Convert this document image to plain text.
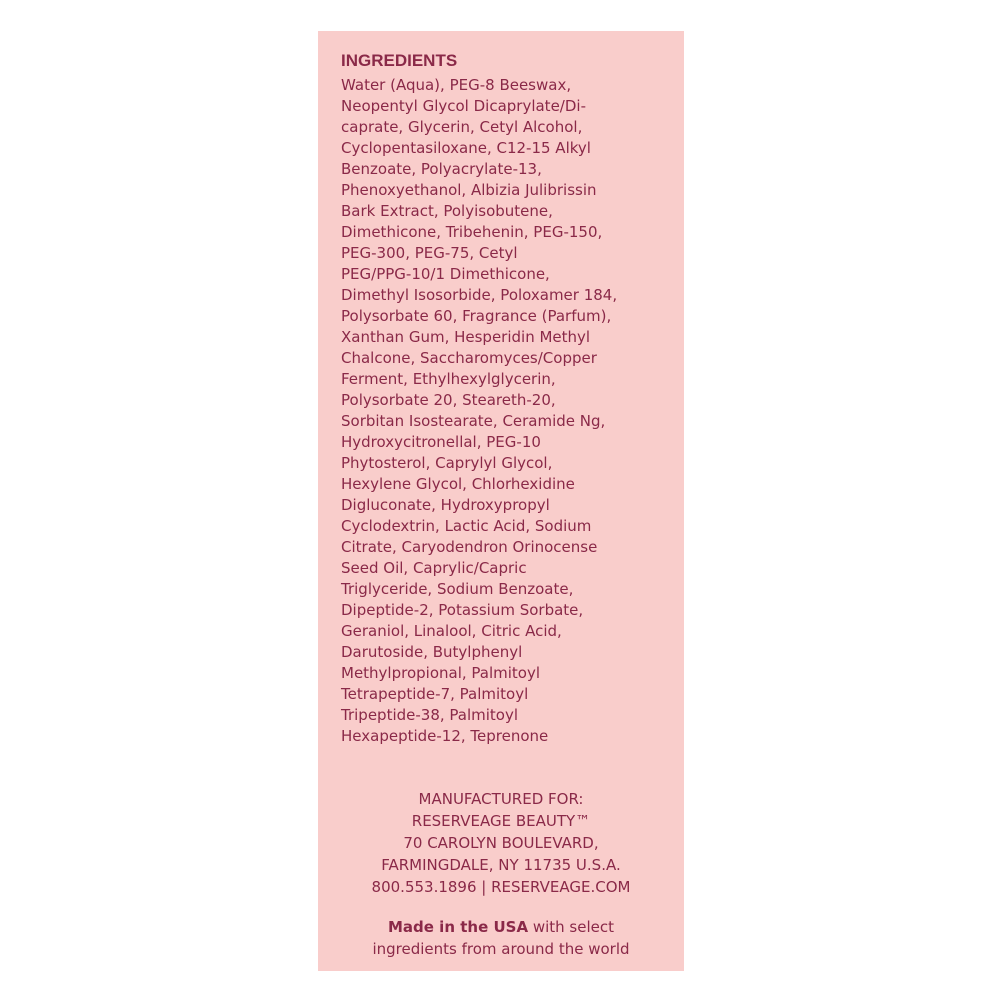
INGREDIENTS

Water (Aqua), PEG-8 Beeswax,
Neopentyl Glycol Dicaprylate/Di-
caprate, Glycerin, Cetyl Alcohol,
Cyclopentasiloxane, C12-15 Alkyl
Benzoate, Polyacrylate-13,
Phenoxyethanol, Albizia Julibrissin
Bark Extract, Polyisobutene,
Dimethicone, Tribehenin, PEG-150,
PEG-300, PEG-75, Cetyl
PEG/PPG-10/1 Dimethicone,
Dimethyl Isosorbide, Poloxamer 184,
Polysorbate 60, Fragrance (Parfum),
Xanthan Gum, Hesperidin Methyl
Chalcone, Saccharomyces/Copper
Ferment, Ethylhexylglycerin,
Polysorbate 20, Steareth-20,
Sorbitan Isostearate, Ceramide Ng,
Hydroxycitronellal, PEG-10
Phytosterol, Caprylyl Glycol,
Hexylene Glycol, Chlorhexidine
Digluconate, Hydroxypropyl
Cyclodextrin, Lactic Acid, Sodium
Citrate, Caryodendron Orinocense
Seed Oil, Caprylic/Capric
Triglyceride, Sodium Benzoate,
Dipeptide-2, Potassium Sorbate,
Geraniol, Linalool, Citric Acid,
Darutoside, Butylphenyl
Methylpropional, Palmitoyl
Tetrapeptide-7, Palmitoyl
Tripeptide-38, Palmitoyl
Hexapeptide-12, Teprenone

MANUFACTURED FOR:
RESERVEAGE BEAUTY™
70 CAROLYN BOULEVARD,
FARMINGDALE, NY 11735 U.S.A.
800.553.1896 | RESERVEAGE.COM
Made in the USA with select
ingredients from around the world
